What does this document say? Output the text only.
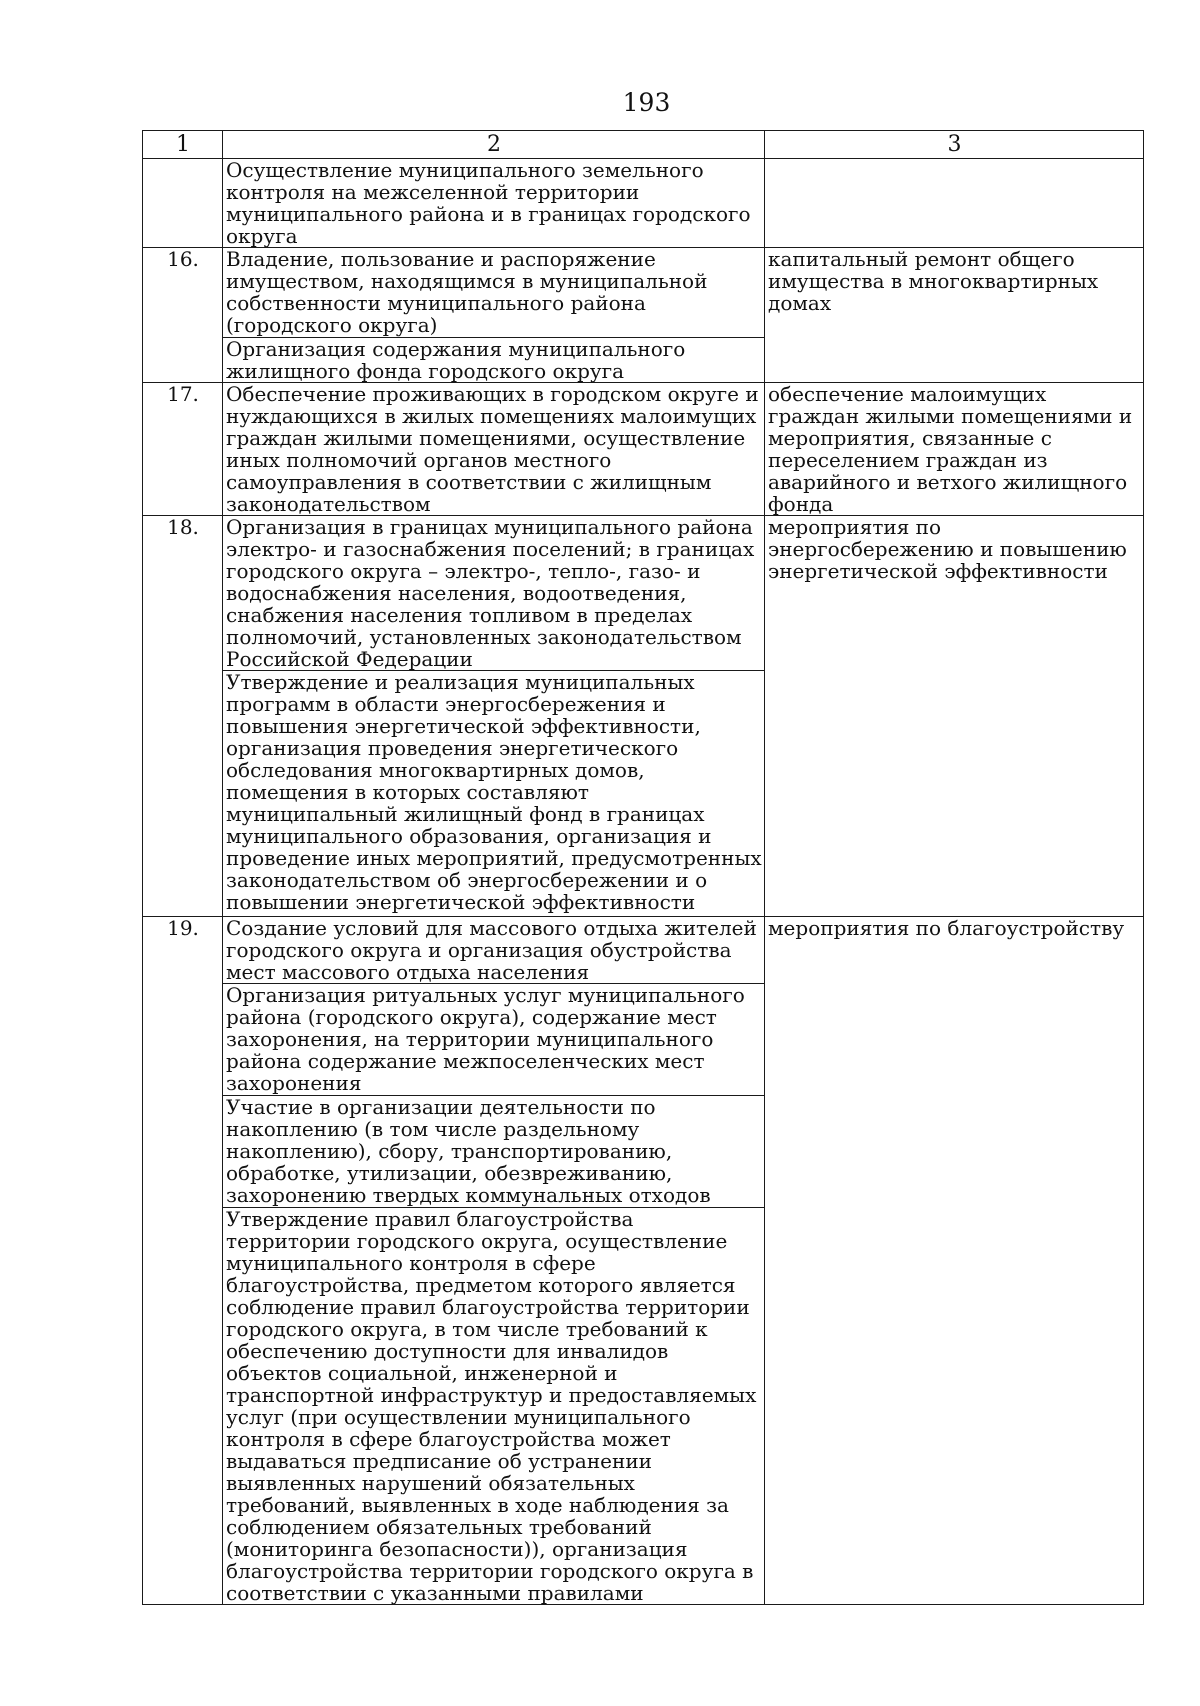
193
1	2	3
	Осуществление муниципального земельного контроля на межселенной территории муниципального района и в границах городского округа	
16.	Владение, пользование и распоряжение имуществом, находящимся в муниципальной собственности муниципального района (городского округа)	капитальный ремонт общего имущества в многоквартирных домах
	Организация содержания муниципального жилищного фонда городского округа	
17.	Обеспечение проживающих в городском округе и нуждающихся в жилых помещениях малоимущих граждан жилыми помещениями, осуществление иных полномочий органов местного самоуправления в соответствии с жилищным законодательством	обеспечение малоимущих граждан жилыми помещениями и мероприятия, связанные с переселением граждан из аварийного и ветхого жилищного фонда
18.	Организация в границах муниципального района электро- и газоснабжения поселений; в границах городского округа – электро-, тепло-, газо- и водоснабжения населения, водоотведения, снабжения населения топливом в пределах полномочий, установленных законодательством Российской Федерации	мероприятия по энергосбережению и повышению энергетической эффективности
	Утверждение и реализация муниципальных программ в области энергосбережения и повышения энергетической эффективности, организация проведения энергетического обследования многоквартирных домов, помещения в которых составляют муниципальный жилищный фонд в границах муниципального образования, организация и проведение иных мероприятий, предусмотренных законодательством об энергосбережении и о повышении энергетической эффективности	
19.	Создание условий для массового отдыха жителей городского округа и организация обустройства мест массового отдыха населения	мероприятия по благоустройству
	Организация ритуальных услуг муниципального района (городского округа), содержание мест захоронения, на территории муниципального района содержание межпоселенческих мест захоронения	
	Участие в организации деятельности по накоплению (в том числе раздельному накоплению), сбору, транспортированию, обработке, утилизации, обезвреживанию, захоронению твердых коммунальных отходов	
	Утверждение правил благоустройства территории городского округа, осуществление муниципального контроля в сфере благоустройства, предметом которого является соблюдение правил благоустройства территории городского округа, в том числе требований к обеспечению доступности для инвалидов объектов социальной, инженерной и транспортной инфраструктур и предоставляемых услуг (при осуществлении муниципального контроля в сфере благоустройства может выдаваться предписание об устранении выявленных нарушений обязательных требований, выявленных в ходе наблюдения за соблюдением обязательных требований (мониторинга безопасности)), организация благоустройства территории городского округа в соответствии с указанными правилами	
